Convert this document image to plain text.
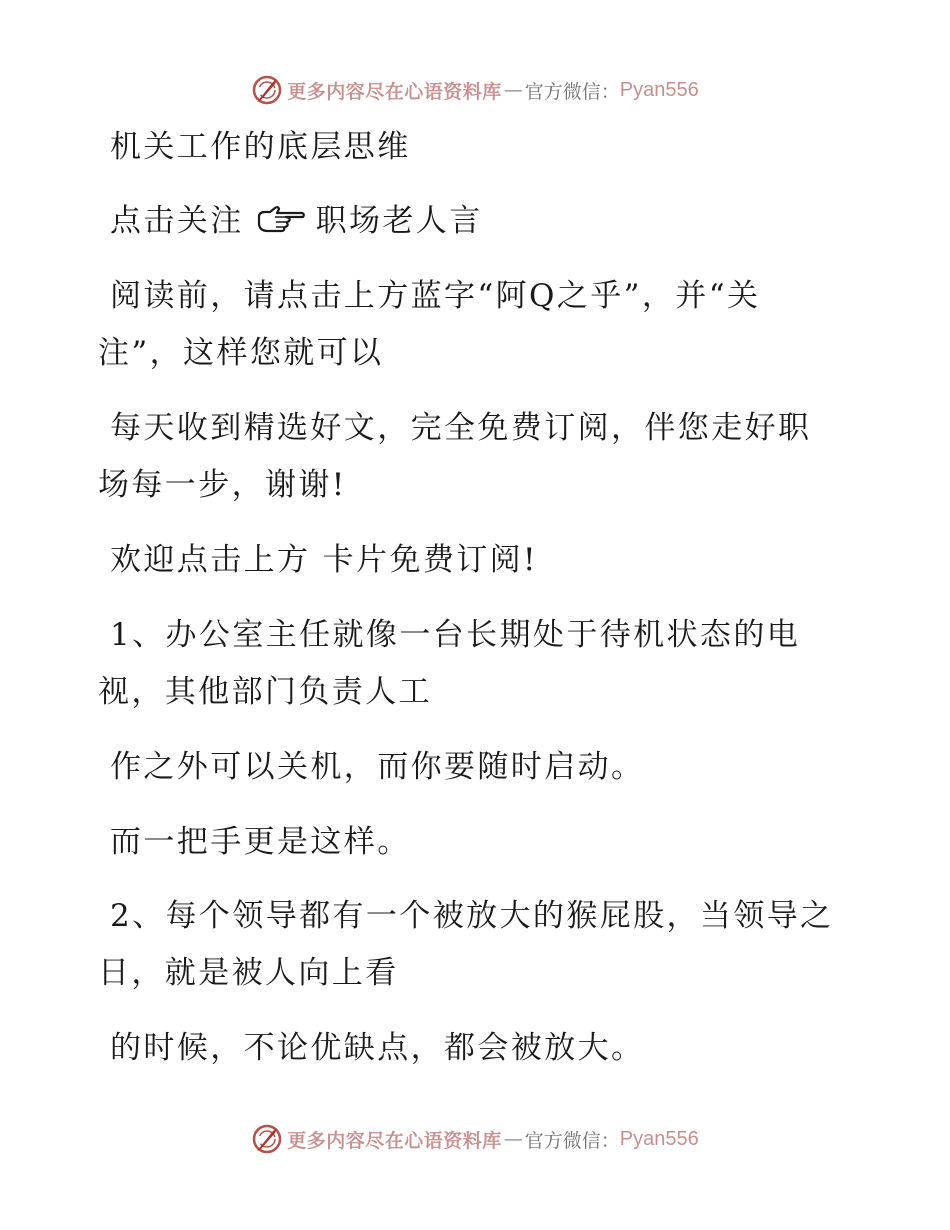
更多内容尽在心语资料库 — 官方微信： Pyan556
机关工作的底层思维
点击关注 职场老人言
阅读前，请点击上方蓝字“阿Q之乎”，并“关
注”，这样您就可以
每天收到精选好文，完全免费订阅，伴您走好职
场每一步，谢谢!
欢迎点击上方 卡片免费订阅!
1、办公室主任就像一台长期处于待机状态的电
视，其他部门负责人工
作之外可以关机，而你要随时启动。
而一把手更是这样。
2、每个领导都有一个被放大的猴屁股，当领导之
日，就是被人向上看
的时候，不论优缺点，都会被放大。
更多内容尽在心语资料库 — 官方微信： Pyan556
